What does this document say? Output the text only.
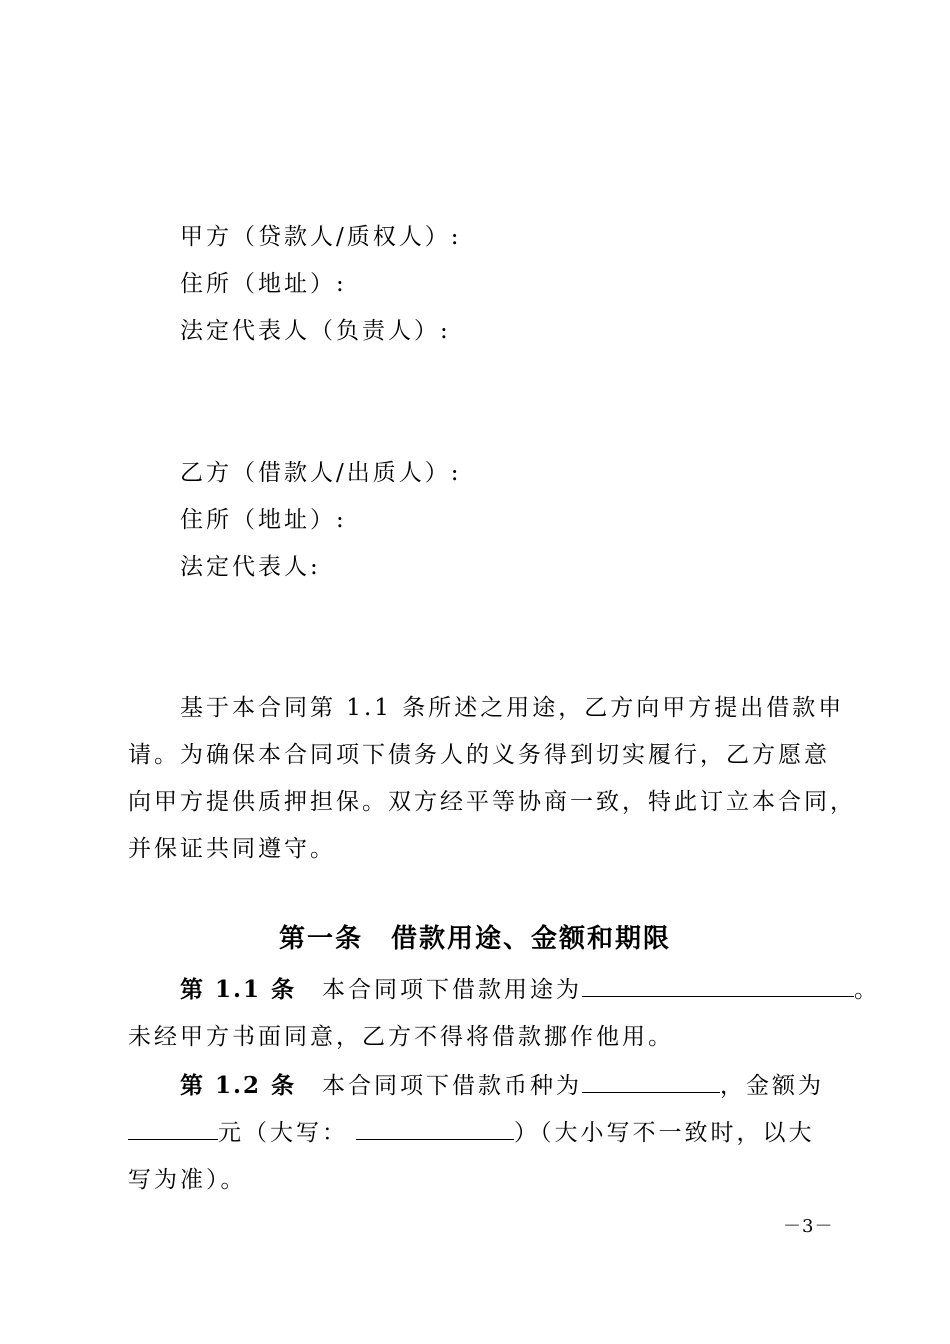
甲方（贷款人/质权人）:
住所（地址）:
法定代表人（负责人）:
乙方（借款人/出质人）:
住所（地址）:
法定代表人:
基于本合同第 1.1 条所述之用途，乙方向甲方提出借款申
请。为确保本合同项下债务人的义务得到切实履行，乙方愿意
向甲方提供质押担保。双方经平等协商一致，特此订立本合同，
并保证共同遵守。
第一条　借款用途、金额和期限
第 1.1 条 本合同项下借款用途为	。
未经甲方书面同意，乙方不得将借款挪作他用。
第 1.2 条 本合同项下借款币种为	，金额为
元（大写：	）（大小写不一致时，以大
写为准）。
－3－
